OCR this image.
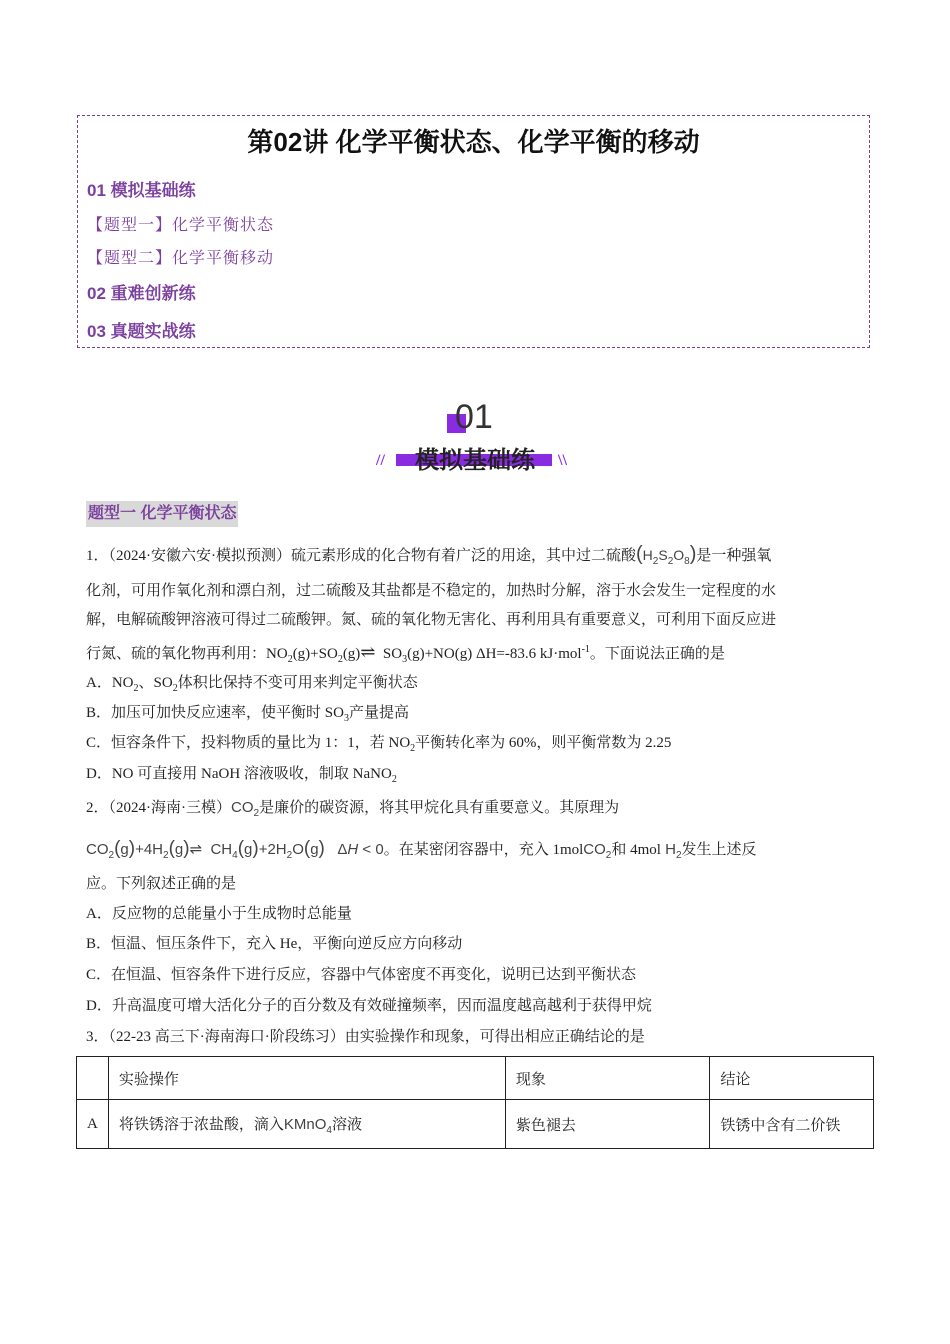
第02讲 化学平衡状态、化学平衡的移动
01 模拟基础练
【题型一】化学平衡状态
【题型二】化学平衡移动
02 重难创新练
03 真题实战练
01
模拟基础练
//	\\
题型一 化学平衡状态
1．（2024·安徽六安·模拟预测）硫元素形成的化合物有着广泛的用途，其中过二硫酸$(H_2S_2O_8)$是一种强氧
化剂，可用作氧化剂和漂白剂，过二硫酸及其盐都是不稳定的，加热时分解，溶于水会发生一定程度的水
解，电解硫酸钾溶液可得过二硫酸钾。氮、硫的氧化物无害化、再利用具有重要意义，可利用下面反应进
行氮、硫的氧化物再利用：$NO_2(g)+SO_2(g)\rightleftharpoons$  $SO_3(g)+NO(g)$ ΔH=-83.6 kJ·mol$^{-1}$。下面说法正确的是
A．$NO_2$、$SO_2$体积比保持不变可用来判定平衡状态
B．加压可加快反应速率，使平衡时 $SO_3$产量提高
C．恒容条件下，投料物质的量比为 1：1，若 $NO_2$平衡转化率为 60%，则平衡常数为 2.25
D．NO 可直接用 NaOH 溶液吸收，制取 NaNO$_2$
2．（2024·海南·三模）$CO_2$是廉价的碳资源，将其甲烷化具有重要意义。其原理为
$CO_2(g)+4H_2(g)\rightleftharpoons$  $CH_4(g)+2H_2O(g) \Delta H < 0$。在某密闭容器中，充入 1molCO$_2$和 4mol $H_2$发生上述反
应。下列叙述正确的是
A．反应物的总能量小于生成物时总能量
B．恒温、恒压条件下，充入 He，平衡向逆反应方向移动
C．在恒温、恒容条件下进行反应，容器中气体密度不再变化，说明已达到平衡状态
D．升高温度可增大活化分子的百分数及有效碰撞频率，因而温度越高越利于获得甲烷
3．（22-23 高三下·海南海口·阶段练习）由实验操作和现象，可得出相应正确结论的是
	实验操作	现象	结论
A	将铁锈溶于浓盐酸，滴入KMnO$_4$溶液	紫色褪去	铁锈中含有二价铁
